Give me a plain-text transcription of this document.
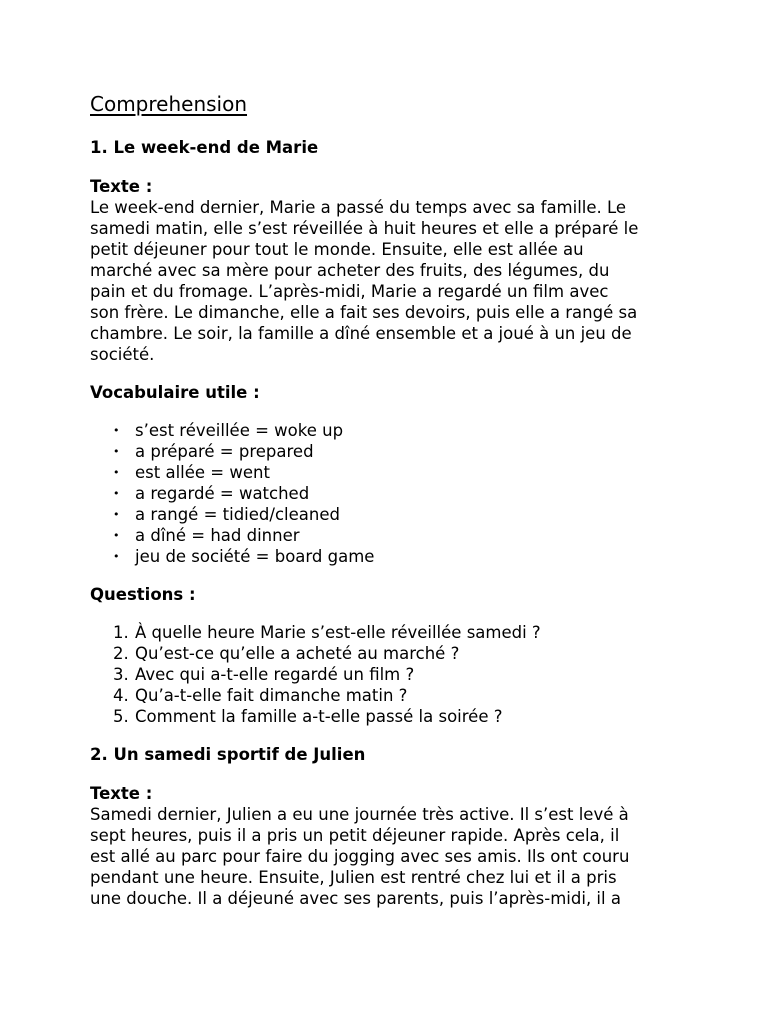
Comprehension
1. Le week-end de Marie

Texte :

Le week-end dernier, Marie a passé du temps avec sa famille. Le
samedi matin, elle s’est réveillée à huit heures et elle a préparé le
petit déjeuner pour tout le monde. Ensuite, elle est allée au
marché avec sa mère pour acheter des fruits, des légumes, du
pain et du fromage. L’après-midi, Marie a regardé un film avec
son frère. Le dimanche, elle a fait ses devoirs, puis elle a rangé sa
chambre. Le soir, la famille a dîné ensemble et a joué à un jeu de
société.

Vocabulaire utile :

• s’est réveillée = woke up
• a préparé = prepared
• est allée = went
• a regardé = watched
• a rangé = tidied/cleaned
• a dîné = had dinner
• jeu de société = board game

Questions :

1. À quelle heure Marie s’est-elle réveillée samedi ?
2. Qu’est-ce qu’elle a acheté au marché ?
3. Avec qui a-t-elle regardé un film ?
4. Qu’a-t-elle fait dimanche matin ?
5. Comment la famille a-t-elle passé la soirée ?
2. Un samedi sportif de Julien

Texte :

Samedi dernier, Julien a eu une journée très active. Il s’est levé à
sept heures, puis il a pris un petit déjeuner rapide. Après cela, il
est allé au parc pour faire du jogging avec ses amis. Ils ont couru
pendant une heure. Ensuite, Julien est rentré chez lui et il a pris
une douche. Il a déjeuné avec ses parents, puis l’après-midi, il a
